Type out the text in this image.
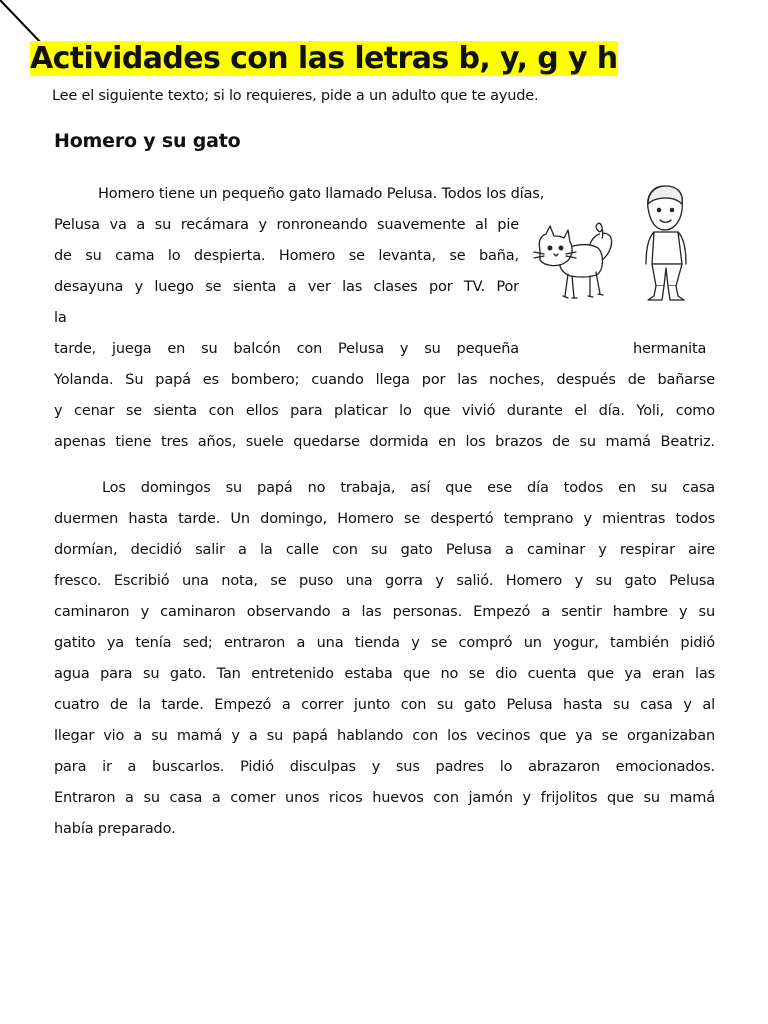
Actividades con las letras b, y, g y h

Lee el siguiente texto; si lo requieres, pide a un adulto que te ayude.

Homero y su gato

Homero tiene un pequeño gato llamado Pelusa. Todos los días,

Pelusa va a su recámara y ronroneando suavemente al pie

de su cama lo despierta. Homero se levanta, se baña,

desayuna y luego se sienta a ver las clases por TV. Por

la

tarde, juega en su balcón con Pelusa y su pequeña	hermanita

Yolanda. Su papá es bombero; cuando llega por las noches, después de bañarse

y cenar se sienta con ellos para platicar lo que vivió durante el día. Yoli, como

apenas tiene tres años, suele quedarse dormida en los brazos de su mamá Beatriz.

Los domingos su papá no trabaja, así que ese día todos en su casa

duermen hasta tarde. Un domingo, Homero se despertó temprano y mientras todos

dormían, decidió salir a la calle con su gato Pelusa a caminar y respirar aire

fresco. Escribió una nota, se puso una gorra y salió. Homero y su gato Pelusa

caminaron y caminaron observando a las personas. Empezó a sentir hambre y su

gatito ya tenía sed; entraron a una tienda y se compró un yogur, también pidió

agua para su gato. Tan entretenido estaba que no se dio cuenta que ya eran las

cuatro de la tarde. Empezó a correr junto con su gato Pelusa hasta su casa y al

llegar vio a su mamá y a su papá hablando con los vecinos que ya se organizaban

para ir a buscarlos. Pidió disculpas y sus padres lo abrazaron emocionados.

Entraron a su casa a comer unos ricos huevos con jamón y frijolitos que su mamá

había preparado.
